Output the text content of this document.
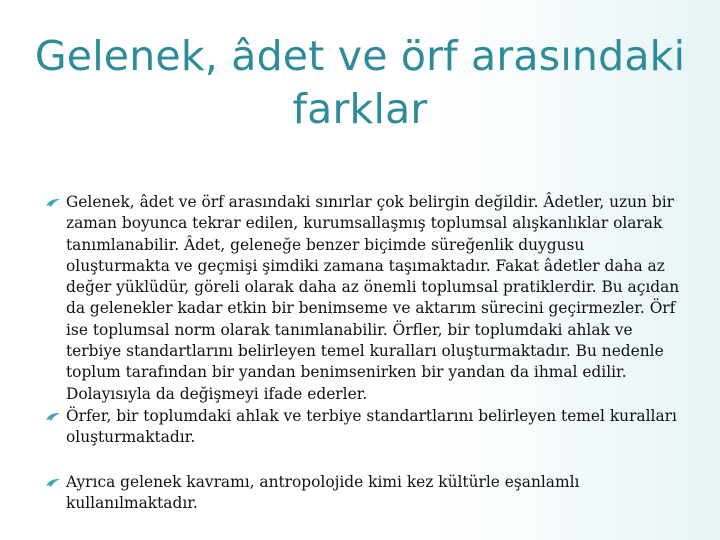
Gelenek, âdet ve örf arasındaki
farklar
Gelenek, âdet ve örf arasındaki sınırlar çok belirgin değildir. Âdetler, uzun bir zaman boyunca tekrar edilen, kurumsallaşmış toplumsal alışkanlıklar olarak tanımlanabilir. Âdet, geleneğe benzer biçimde süreğenlik duygusu oluşturmakta ve geçmişi şimdiki zamana taşımaktadır. Fakat âdetler daha az değer yüklüdür, göreli olarak daha az önemli toplumsal pratiklerdir. Bu açıdan da gelenekler kadar etkin bir benimseme ve aktarım sürecini geçirmezler. Örf ise toplumsal norm olarak tanımlanabilir. Örfler, bir toplumdaki ahlak ve terbiye standartlarını belirleyen temel kuralları oluşturmaktadır. Bu nedenle toplum tarafından bir yandan benimsenirken bir yandan da ihmal edilir. Dolayısıyla da değişmeyi ifade ederler.
Örfer, bir toplumdaki ahlak ve terbiye standartlarını belirleyen temel kuralları oluşturmaktadır.
Ayrıca gelenek kavramı, antropolojide kimi kez kültürle eşanlamlı kullanılmaktadır.
